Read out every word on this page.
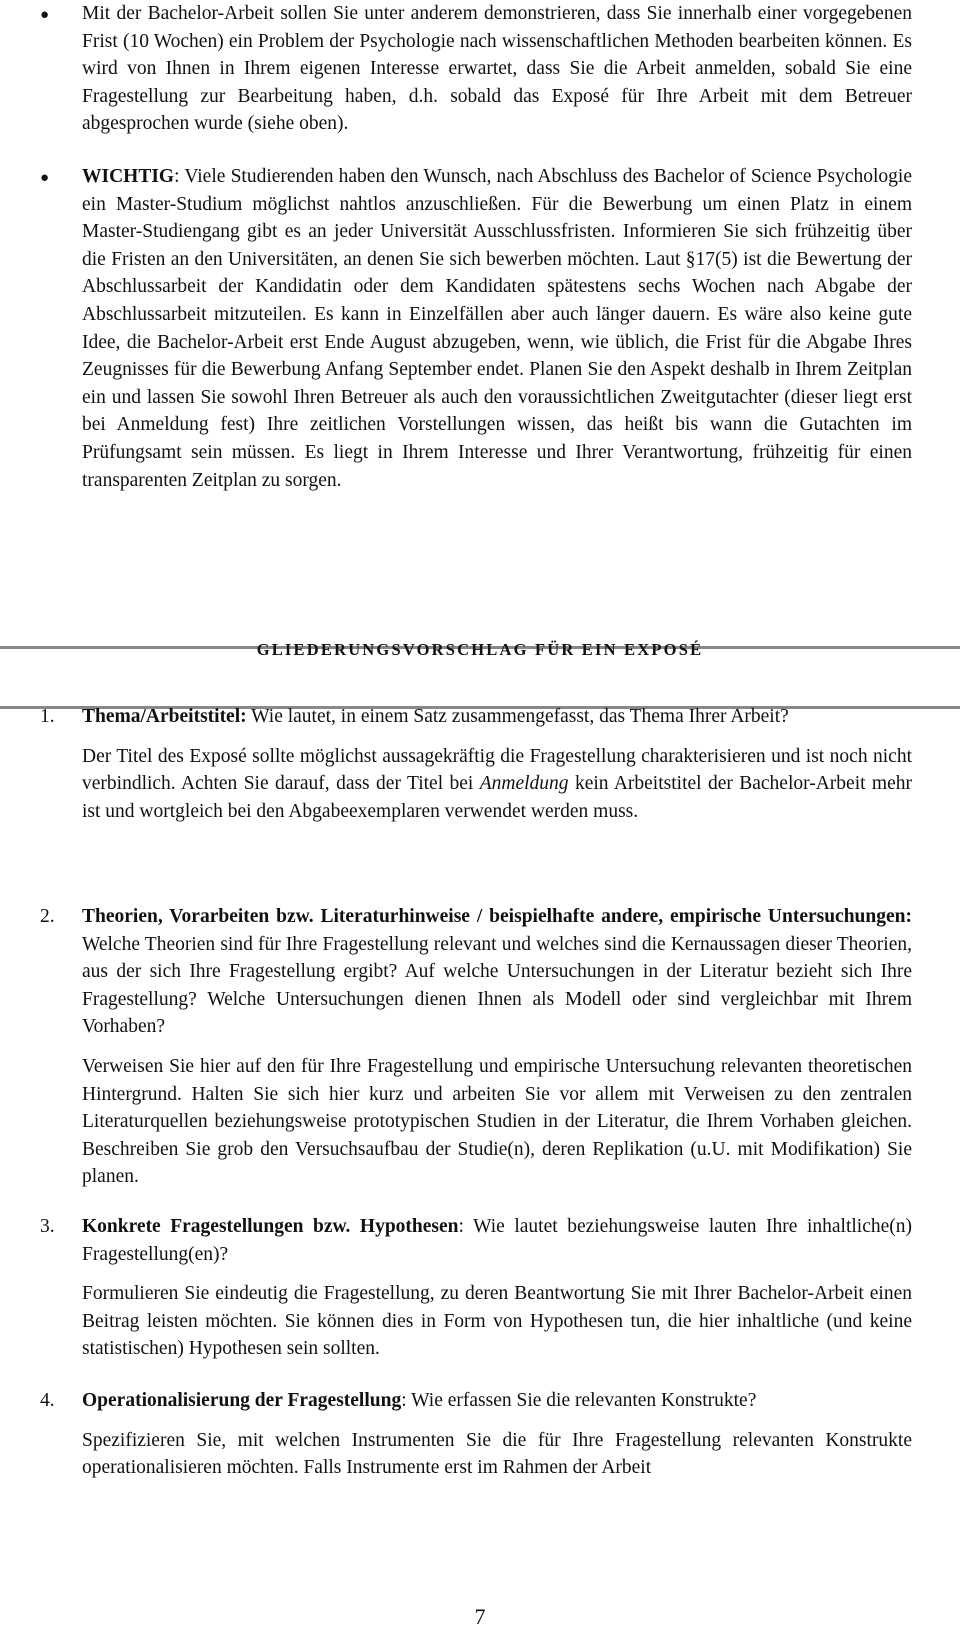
● Mit der Bachelor-Arbeit sollen Sie unter anderem demonstrieren, dass Sie innerhalb einer vorgegebenen Frist (10 Wochen) ein Problem der Psychologie nach wissenschaftlichen Methoden bearbeiten können. Es wird von Ihnen in Ihrem eigenen Interesse erwartet, dass Sie die Arbeit anmelden, sobald Sie eine Fragestellung zur Bearbeitung haben, d.h. sobald das Exposé für Ihre Arbeit mit dem Betreuer abgesprochen wurde (siehe oben).

● WICHTIG: Viele Studierenden haben den Wunsch, nach Abschluss des Bachelor of Science Psychologie ein Master-Studium möglichst nahtlos anzuschließen. Für die Bewerbung um einen Platz in einem Master-Studiengang gibt es an jeder Universität Ausschlussfristen. Informieren Sie sich frühzeitig über die Fristen an den Universitäten, an denen Sie sich bewerben möchten. Laut §17(5) ist die Bewertung der Abschlussarbeit der Kandidatin oder dem Kandidaten spätestens sechs Wochen nach Abgabe der Abschlussarbeit mitzuteilen. Es kann in Einzelfällen aber auch länger dauern. Es wäre also keine gute Idee, die Bachelor-Arbeit erst Ende August abzugeben, wenn, wie üblich, die Frist für die Abgabe Ihres Zeugnisses für die Bewerbung Anfang September endet. Planen Sie den Aspekt deshalb in Ihrem Zeitplan ein und lassen Sie sowohl Ihren Betreuer als auch den voraussichtlichen Zweitgutachter (dieser liegt erst bei Anmeldung fest) Ihre zeitlichen Vorstellungen wissen, das heißt bis wann die Gutachten im Prüfungsamt sein müssen. Es liegt in Ihrem Interesse und Ihrer Verantwortung, frühzeitig für einen transparenten Zeitplan zu sorgen.

GLIEDERUNGSVORSCHLAG FÜR EIN EXPOSÉ
1. Thema/Arbeitstitel: Wie lautet, in einem Satz zusammengefasst, das Thema Ihrer Arbeit?

Der Titel des Exposé sollte möglichst aussagekräftig die Fragestellung charakterisieren und ist noch nicht verbindlich. Achten Sie darauf, dass der Titel bei Anmeldung kein Arbeitstitel der Bachelor-Arbeit mehr ist und wortgleich bei den Abgabeexemplaren verwendet werden muss.

2. Theorien, Vorarbeiten bzw. Literaturhinweise / beispielhafte andere, empirische Untersuchungen: Welche Theorien sind für Ihre Fragestellung relevant und welches sind die Kernaussagen dieser Theorien, aus der sich Ihre Fragestellung ergibt? Auf welche Untersuchungen in der Literatur bezieht sich Ihre Fragestellung? Welche Untersuchungen dienen Ihnen als Modell oder sind vergleichbar mit Ihrem Vorhaben?

Verweisen Sie hier auf den für Ihre Fragestellung und empirische Untersuchung relevanten theoretischen Hintergrund. Halten Sie sich hier kurz und arbeiten Sie vor allem mit Verweisen zu den zentralen Literaturquellen beziehungsweise prototypischen Studien in der Literatur, die Ihrem Vorhaben gleichen. Beschreiben Sie grob den Versuchsaufbau der Studie(n), deren Replikation (u.U. mit Modifikation) Sie planen.

3. Konkrete Fragestellungen bzw. Hypothesen: Wie lautet beziehungsweise lauten Ihre inhaltliche(n) Fragestellung(en)?

Formulieren Sie eindeutig die Fragestellung, zu deren Beantwortung Sie mit Ihrer Bachelor-Arbeit einen Beitrag leisten möchten. Sie können dies in Form von Hypothesen tun, die hier inhaltliche (und keine statistischen) Hypothesen sein sollten.

4. Operationalisierung der Fragestellung: Wie erfassen Sie die relevanten Konstrukte?

Spezifizieren Sie, mit welchen Instrumenten Sie die für Ihre Fragestellung relevanten Konstrukte operationalisieren möchten. Falls Instrumente erst im Rahmen der Arbeit

7
